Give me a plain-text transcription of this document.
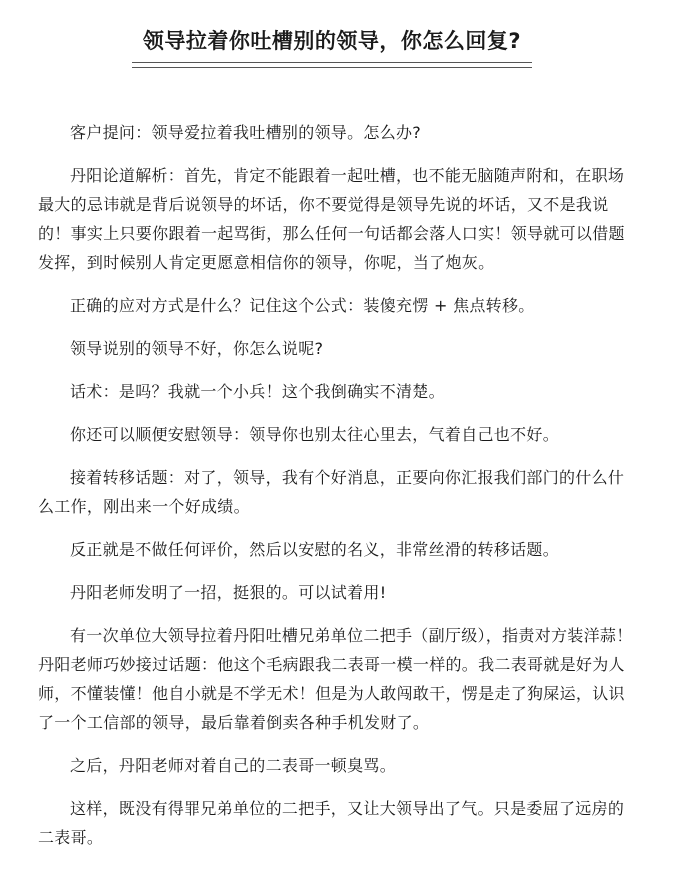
领导拉着你吐槽别的领导，你怎么回复?

客户提问：领导爱拉着我吐槽别的领导。怎么办?

丹阳论道解析：首先，肯定不能跟着一起吐槽，也不能无脑随声附和，在职场最大的忌讳就是背后说领导的坏话，你不要觉得是领导先说的坏话，又不是我说的！事实上只要你跟着一起骂街，那么任何一句话都会落人口实！领导就可以借题发挥，到时候别人肯定更愿意相信你的领导，你呢，当了炮灰。

正确的应对方式是什么？记住这个公式：装傻充愣 + 焦点转移。

领导说别的领导不好，你怎么说呢?

话术：是吗？我就一个小兵！这个我倒确实不清楚。

你还可以顺便安慰领导：领导你也别太往心里去，气着自己也不好。

接着转移话题：对了，领导，我有个好消息，正要向你汇报我们部门的什么什么工作，刚出来一个好成绩。

反正就是不做任何评价，然后以安慰的名义，非常丝滑的转移话题。

丹阳老师发明了一招，挺狠的。可以试着用!

有一次单位大领导拉着丹阳吐槽兄弟单位二把手（副厅级），指责对方装洋蒜！丹阳老师巧妙接过话题：他这个毛病跟我二表哥一模一样的。我二表哥就是好为人师，不懂装懂！他自小就是不学无术！但是为人敢闯敢干，愣是走了狗屎运，认识了一个工信部的领导，最后靠着倒卖各种手机发财了。

之后，丹阳老师对着自己的二表哥一顿臭骂。

这样，既没有得罪兄弟单位的二把手，又让大领导出了气。只是委屈了远房的二表哥。
